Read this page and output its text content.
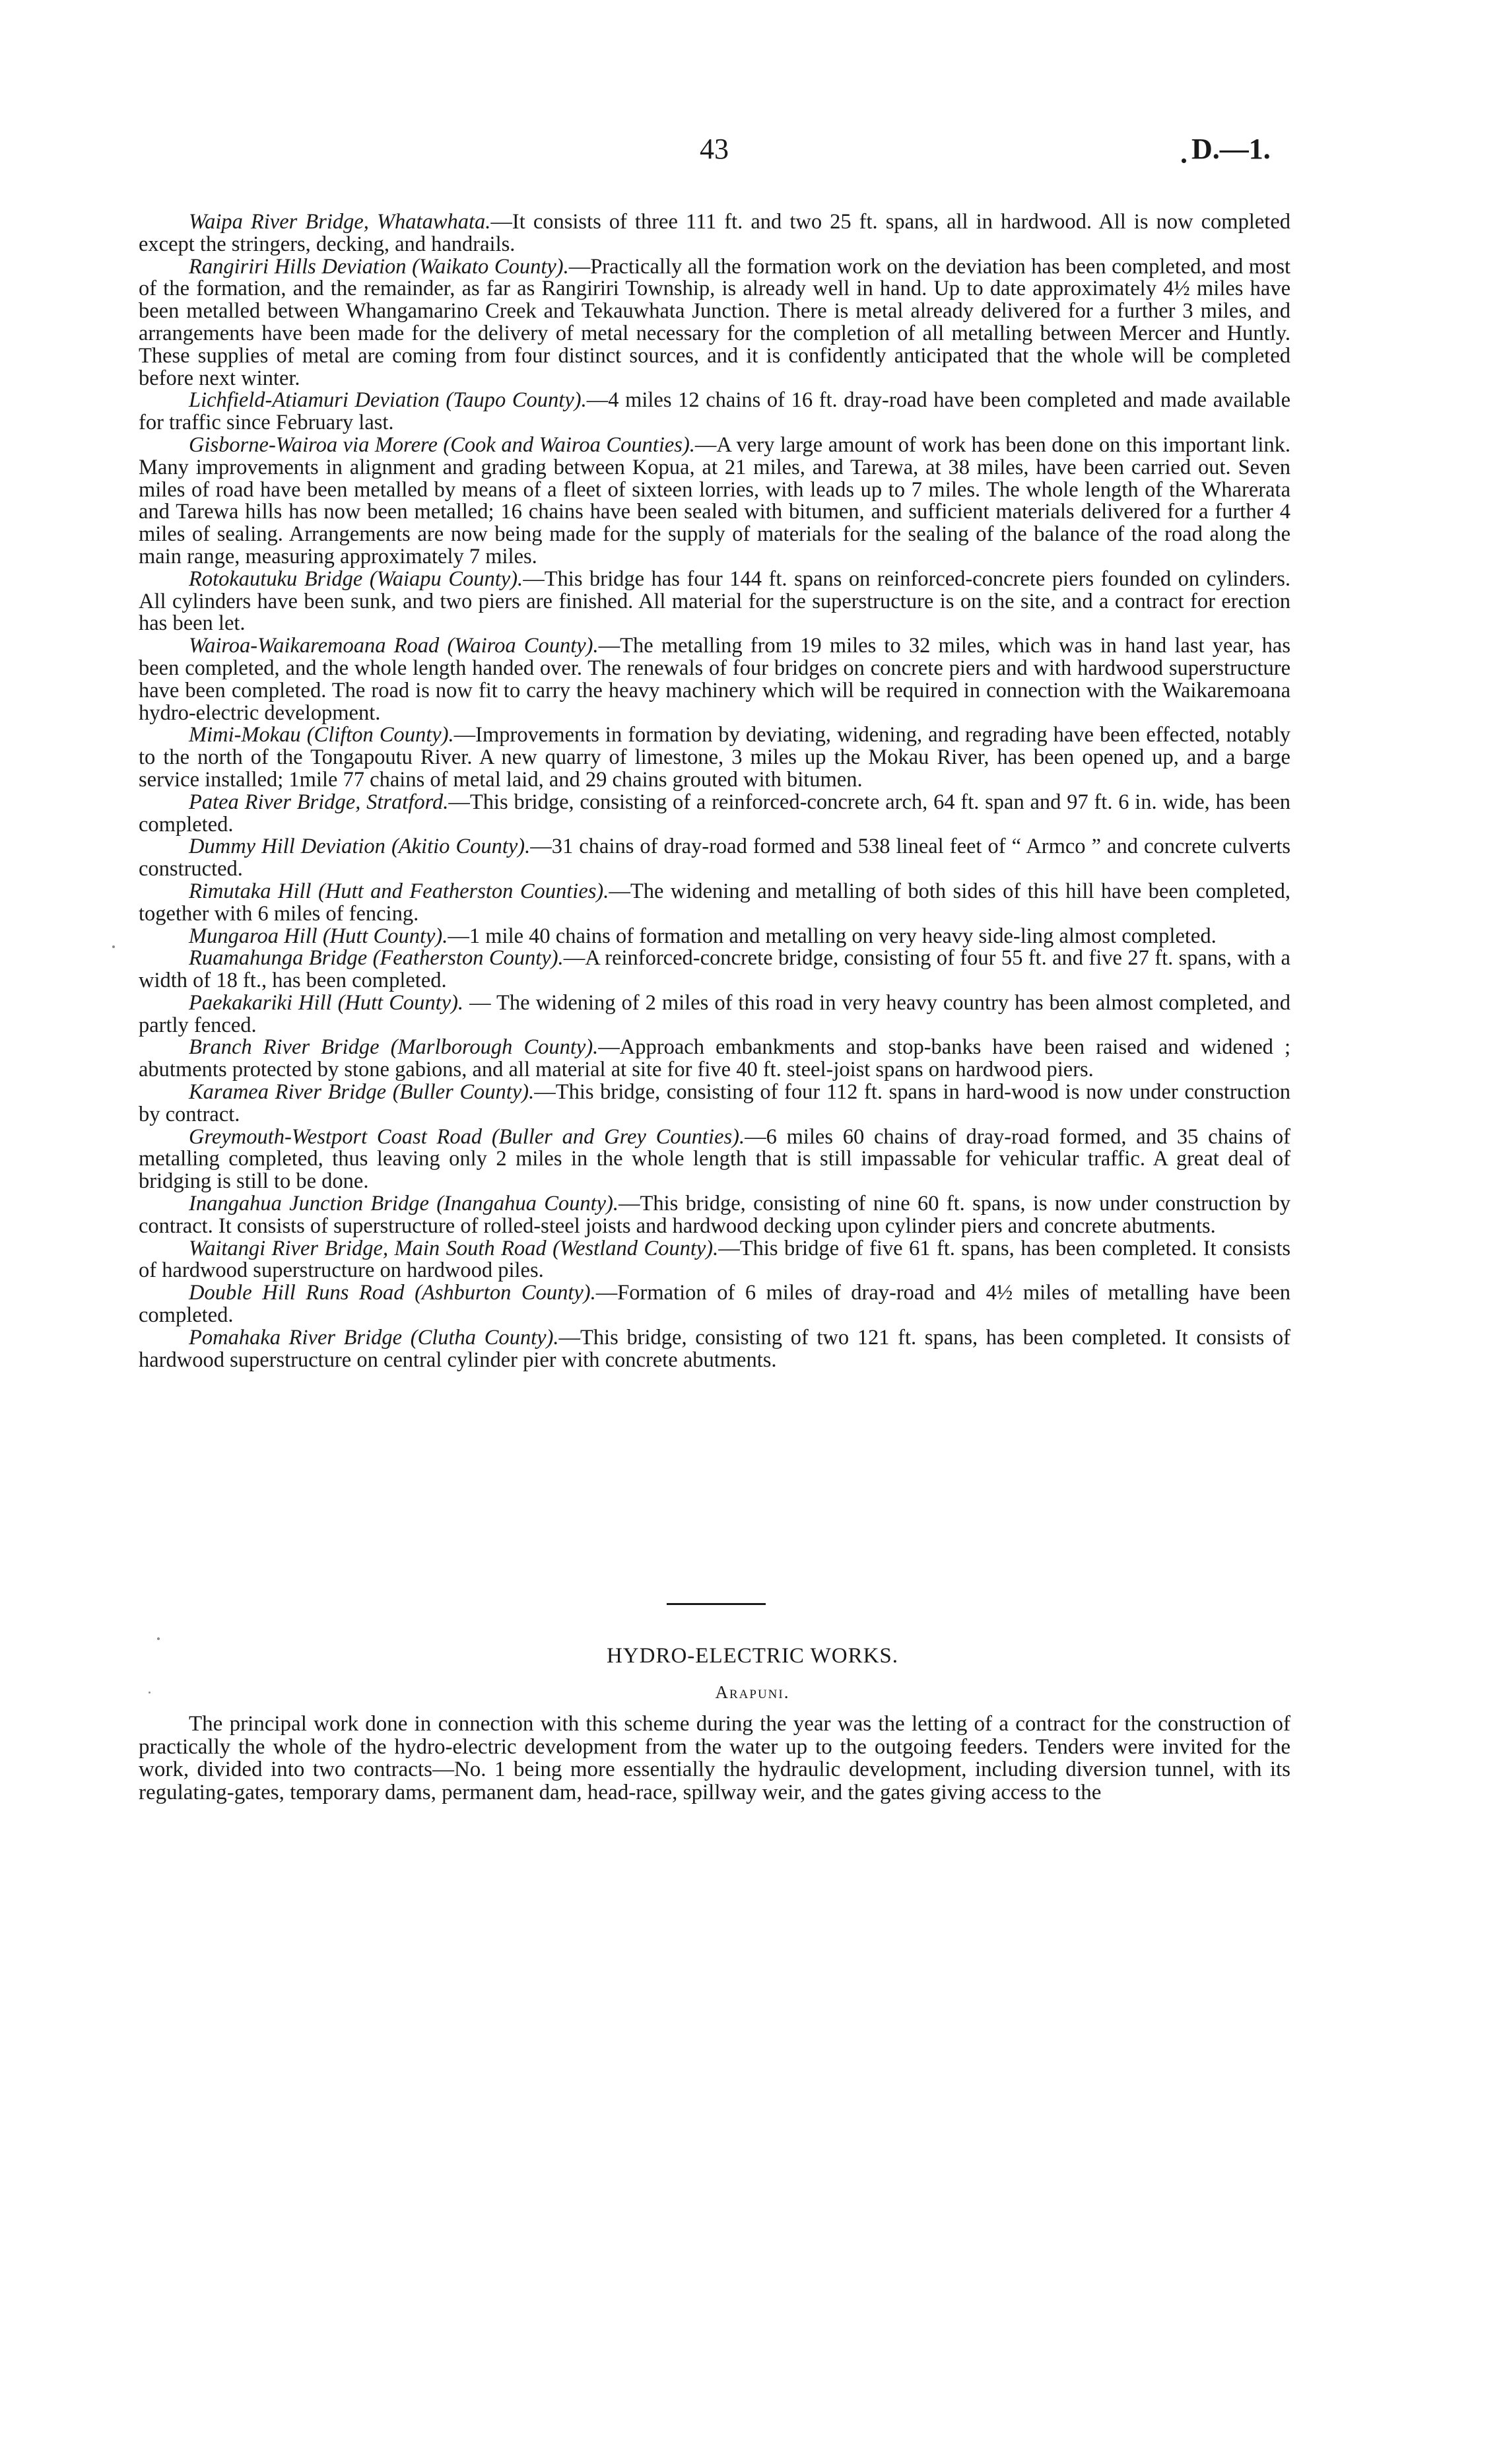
43	D.—1.

Waipa River Bridge, Whatawhata.—It consists of three 111 ft. and two 25 ft. spans, all in hardwood. All is now completed except the stringers, decking, and handrails.

Rangiriri Hills Deviation (Waikato County).—Practically all the formation work on the deviation has been completed, and most of the formation, and the remainder, as far as Rangiriri Township, is already well in hand. Up to date approximately 4½ miles have been metalled between Whangamarino Creek and Tekauwhata Junction. There is metal already delivered for a further 3 miles, and arrangements have been made for the delivery of metal necessary for the completion of all metalling between Mercer and Huntly. These supplies of metal are coming from four distinct sources, and it is confidently anticipated that the whole will be completed before next winter.

Lichfield-Atiamuri Deviation (Taupo County).—4 miles 12 chains of 16 ft. dray-road have been completed and made available for traffic since February last.

Gisborne-Wairoa via Morere (Cook and Wairoa Counties).—A very large amount of work has been done on this important link. Many improvements in alignment and grading between Kopua, at 21 miles, and Tarewa, at 38 miles, have been carried out. Seven miles of road have been metalled by means of a fleet of sixteen lorries, with leads up to 7 miles. The whole length of the Wharerata and Tarewa hills has now been metalled; 16 chains have been sealed with bitumen, and sufficient materials delivered for a further 4 miles of sealing. Arrangements are now being made for the supply of materials for the sealing of the balance of the road along the main range, measuring approximately 7 miles.

Rotokautuku Bridge (Waiapu County).—This bridge has four 144 ft. spans on reinforced-concrete piers founded on cylinders. All cylinders have been sunk, and two piers are finished. All material for the superstructure is on the site, and a contract for erection has been let.

Wairoa-Waikaremoana Road (Wairoa County).—The metalling from 19 miles to 32 miles, which was in hand last year, has been completed, and the whole length handed over. The renewals of four bridges on concrete piers and with hardwood superstructure have been completed. The road is now fit to carry the heavy machinery which will be required in connection with the Waikaremoana hydro-electric development.

Mimi-Mokau (Clifton County).—Improvements in formation by deviating, widening, and regrading have been effected, notably to the north of the Tongapoutu River. A new quarry of limestone, 3 miles up the Mokau River, has been opened up, and a barge service installed; 1mile 77 chains of metal laid, and 29 chains grouted with bitumen.

Patea River Bridge, Stratford.—This bridge, consisting of a reinforced-concrete arch, 64 ft. span and 97 ft. 6 in. wide, has been completed.

Dummy Hill Deviation (Akitio County).—31 chains of dray-road formed and 538 lineal feet of “ Armco ” and concrete culverts constructed.

Rimutaka Hill (Hutt and Featherston Counties).—The widening and metalling of both sides of this hill have been completed, together with 6 miles of fencing.

Mungaroa Hill (Hutt County).—1 mile 40 chains of formation and metalling on very heavy side-ling almost completed.

Ruamahunga Bridge (Featherston County).—A reinforced-concrete bridge, consisting of four 55 ft. and five 27 ft. spans, with a width of 18 ft., has been completed.

Paekakariki Hill (Hutt County). — The widening of 2 miles of this road in very heavy country has been almost completed, and partly fenced.

Branch River Bridge (Marlborough County).—Approach embankments and stop-banks have been raised and widened ; abutments protected by stone gabions, and all material at site for five 40 ft. steel-joist spans on hardwood piers.

Karamea River Bridge (Buller County).—This bridge, consisting of four 112 ft. spans in hard-wood is now under construction by contract.

Greymouth-Westport Coast Road (Buller and Grey Counties).—6 miles 60 chains of dray-road formed, and 35 chains of metalling completed, thus leaving only 2 miles in the whole length that is still impassable for vehicular traffic. A great deal of bridging is still to be done.

Inangahua Junction Bridge (Inangahua County).—This bridge, consisting of nine 60 ft. spans, is now under construction by contract. It consists of superstructure of rolled-steel joists and hardwood decking upon cylinder piers and concrete abutments.

Waitangi River Bridge, Main South Road (Westland County).—This bridge of five 61 ft. spans, has been completed. It consists of hardwood superstructure on hardwood piles.

Double Hill Runs Road (Ashburton County).—Formation of 6 miles of dray-road and 4½ miles of metalling have been completed.

Pomahaka River Bridge (Clutha County).—This bridge, consisting of two 121 ft. spans, has been completed. It consists of hardwood superstructure on central cylinder pier with concrete abutments.

HYDRO-ELECTRIC WORKS.
Arapuni.

The principal work done in connection with this scheme during the year was the letting of a contract for the construction of practically the whole of the hydro-electric development from the water up to the outgoing feeders. Tenders were invited for the work, divided into two contracts—No. 1 being more essentially the hydraulic development, including diversion tunnel, with its regulating-gates, temporary dams, permanent dam, head-race, spillway weir, and the gates giving access to the
